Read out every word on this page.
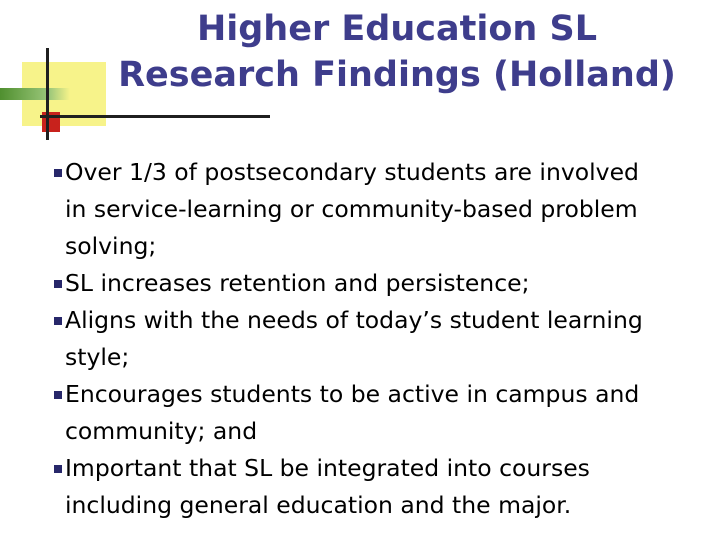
Higher Education SL
Research Findings (Holland)
Over 1/3 of postsecondary students are involved in service-learning or community-based problem solving;
SL increases retention and persistence;
Aligns with the needs of today’s student learning style;
Encourages students to be active in campus and community; and
Important that SL be integrated into courses including general education and the major.
